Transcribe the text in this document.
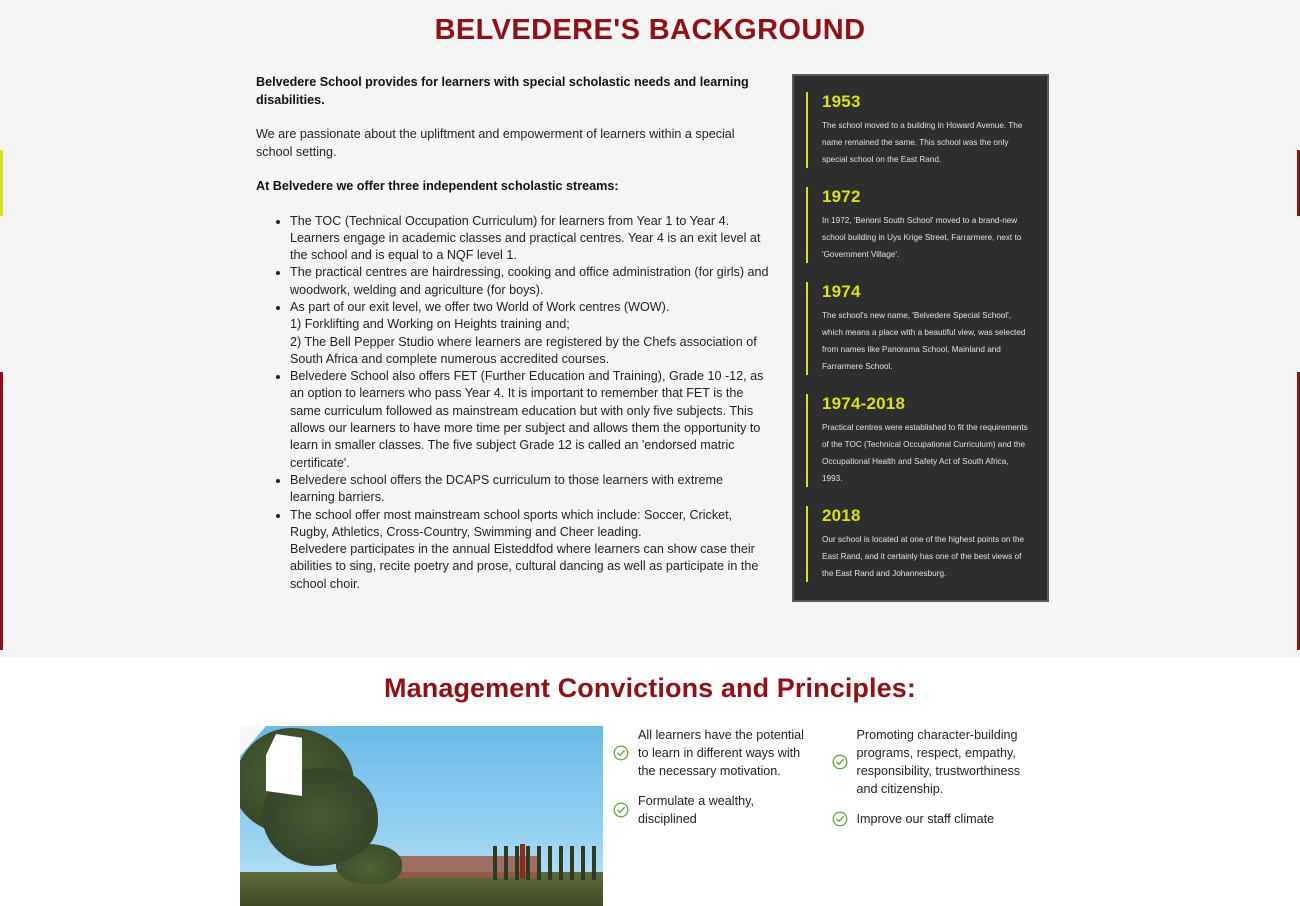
BELVEDERE'S BACKGROUND

Belvedere School provides for learners with special scholastic needs and learning disabilities.

We are passionate about the upliftment and empowerment of learners within a special school setting.

At Belvedere we offer three independent scholastic streams:

• The TOC (Technical Occupation Curriculum) for learners from Year 1 to Year 4. Learners engage in academic classes and practical centres. Year 4 is an exit level at the school and is equal to a NQF level 1.
• The practical centres are hairdressing, cooking and office administration (for girls) and woodwork, welding and agriculture (for boys).
• As part of our exit level, we offer two World of Work centres (WOW).
1) Forklifting and Working on Heights training and;
2) The Bell Pepper Studio where learners are registered by the Chefs association of South Africa and complete numerous accredited courses.
• Belvedere School also offers FET (Further Education and Training), Grade 10 -12, as an option to learners who pass Year 4. It is important to remember that FET is the same curriculum followed as mainstream education but with only five subjects. This allows our learners to have more time per subject and allows them the opportunity to learn in smaller classes. The five subject Grade 12 is called an 'endorsed matric certificate'.
• Belvedere school offers the DCAPS curriculum to those learners with extreme learning barriers.
• The school offer most mainstream school sports which include: Soccer, Cricket, Rugby, Athletics, Cross-Country, Swimming and Cheer leading.
Belvedere participates in the annual Eisteddfod where learners can show case their abilities to sing, recite poetry and prose, cultural dancing as well as participate in the school choir.
1953

The school moved to a building in Howard Avenue. The name remained the same. This school was the only special school on the East Rand.

1972

In 1972, 'Benoni South School' moved to a brand-new school building in Uys Krige Street, Farrarmere, next to 'Government Village'.

1974

The school's new name, 'Belvedere Special School', which means a place with a beautiful view, was selected from names like Panorama School, Mainland and Farrarmere School.

1974-2018

Practical centres were established to fit the requirements of the TOC (Technical Occupational Curriculum) and the Occupational Health and Safety Act of South Africa, 1993.

2018

Our school is located at one of the highest points on the East Rand, and it certainly has one of the best views of the East Rand and Johannesburg.

Management Convictions and Principles:
All learners have the potential to learn in different ways with the necessary motivation.
Formulate a wealthy, disciplined
Promoting character-building programs, respect, empathy, responsibility, trustworthiness and citizenship.
Improve our staff climate
